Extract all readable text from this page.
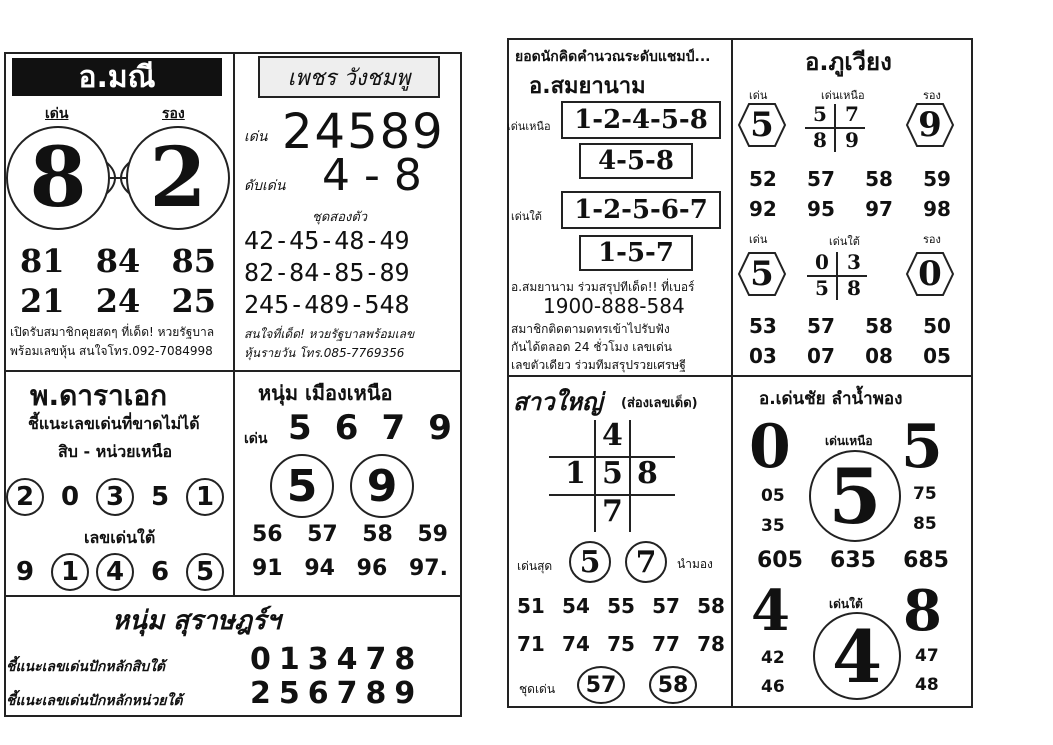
อ.มณี
เด่น	รอง
8 2
81 84 85
21 24 25
เปิดรับสมาชิกคุยสดๆ ที่เด็ด! หวยรัฐบาล
พร้อมเลขหุ้น สนใจโทร.092-7084998
เพชร วังชมพู
เด่น 24589
ดับเด่น 4 - 8
ชุดสองตัว
42-45-48-49
82-84-85-89
245-489-548
สนใจที่เด็ด! หวยรัฐบาลพร้อมเลข
หุ้นรายวัน โทร.085-7769356
พ.ดาราเอก
ชี้แนะเลขเด่นที่ขาดไม่ได้
สิบ - หน่วยเหนือ
2	0	3	5	1
เลขเด่นใต้
9	1	4	6	5
หนุ่ม เมืองเหนือ
เด่น 5 6 7 9
5	9
56 57 58 59
91 94 96 97.
หนุ่ม สุราษฎร์ฯ
ชี้แนะเลขเด่นปักหลักสิบใต้	013478
ชี้แนะเลขเด่นปักหลักหน่วยใต้ 256789
ยอดนักคิดคำนวณระดับแชมป์...
อ.สมยานาม
เด่นเหนือ 1-2-4-5-8
4-5-8
เด่นใต้	1-2-5-6-7
1-5-7
อ.สมยานาม ร่วมสรุปทีเด็ด!! ที่เบอร์
1900-888-584
สมาชิกติดตามดทรเข้าไปรับฟัง
กันได้ตลอด 24 ชั่วโมง เลขเด่น
เลขตัวเดียว ร่วมทีมสรุปรวยเศรษฐี
อ.ภูเวียง
เด่น	เด่นเหนือ	รอง
5	9
5 7
8 9
52 57 58 59
92 95 97 98
เด่น	เด่นใต้	รอง
5	0
0 3
5 8
53 57 58 50
03 07 08 05
สาวใหญ่ (ส่องเลขเด็ด)
4
1 5 8
7
เด่นสุด 5	7	นำมอง
51 54 55 57 58
71 74 75 77 78
ชุดเด่น	57	58
อ.เด่นชัย ลำน้ำพอง
0 5
เด่นเหนือ
5
05
35
75
85
605 635 685
4 8
เด่นใต้
4
42
46
47
48
